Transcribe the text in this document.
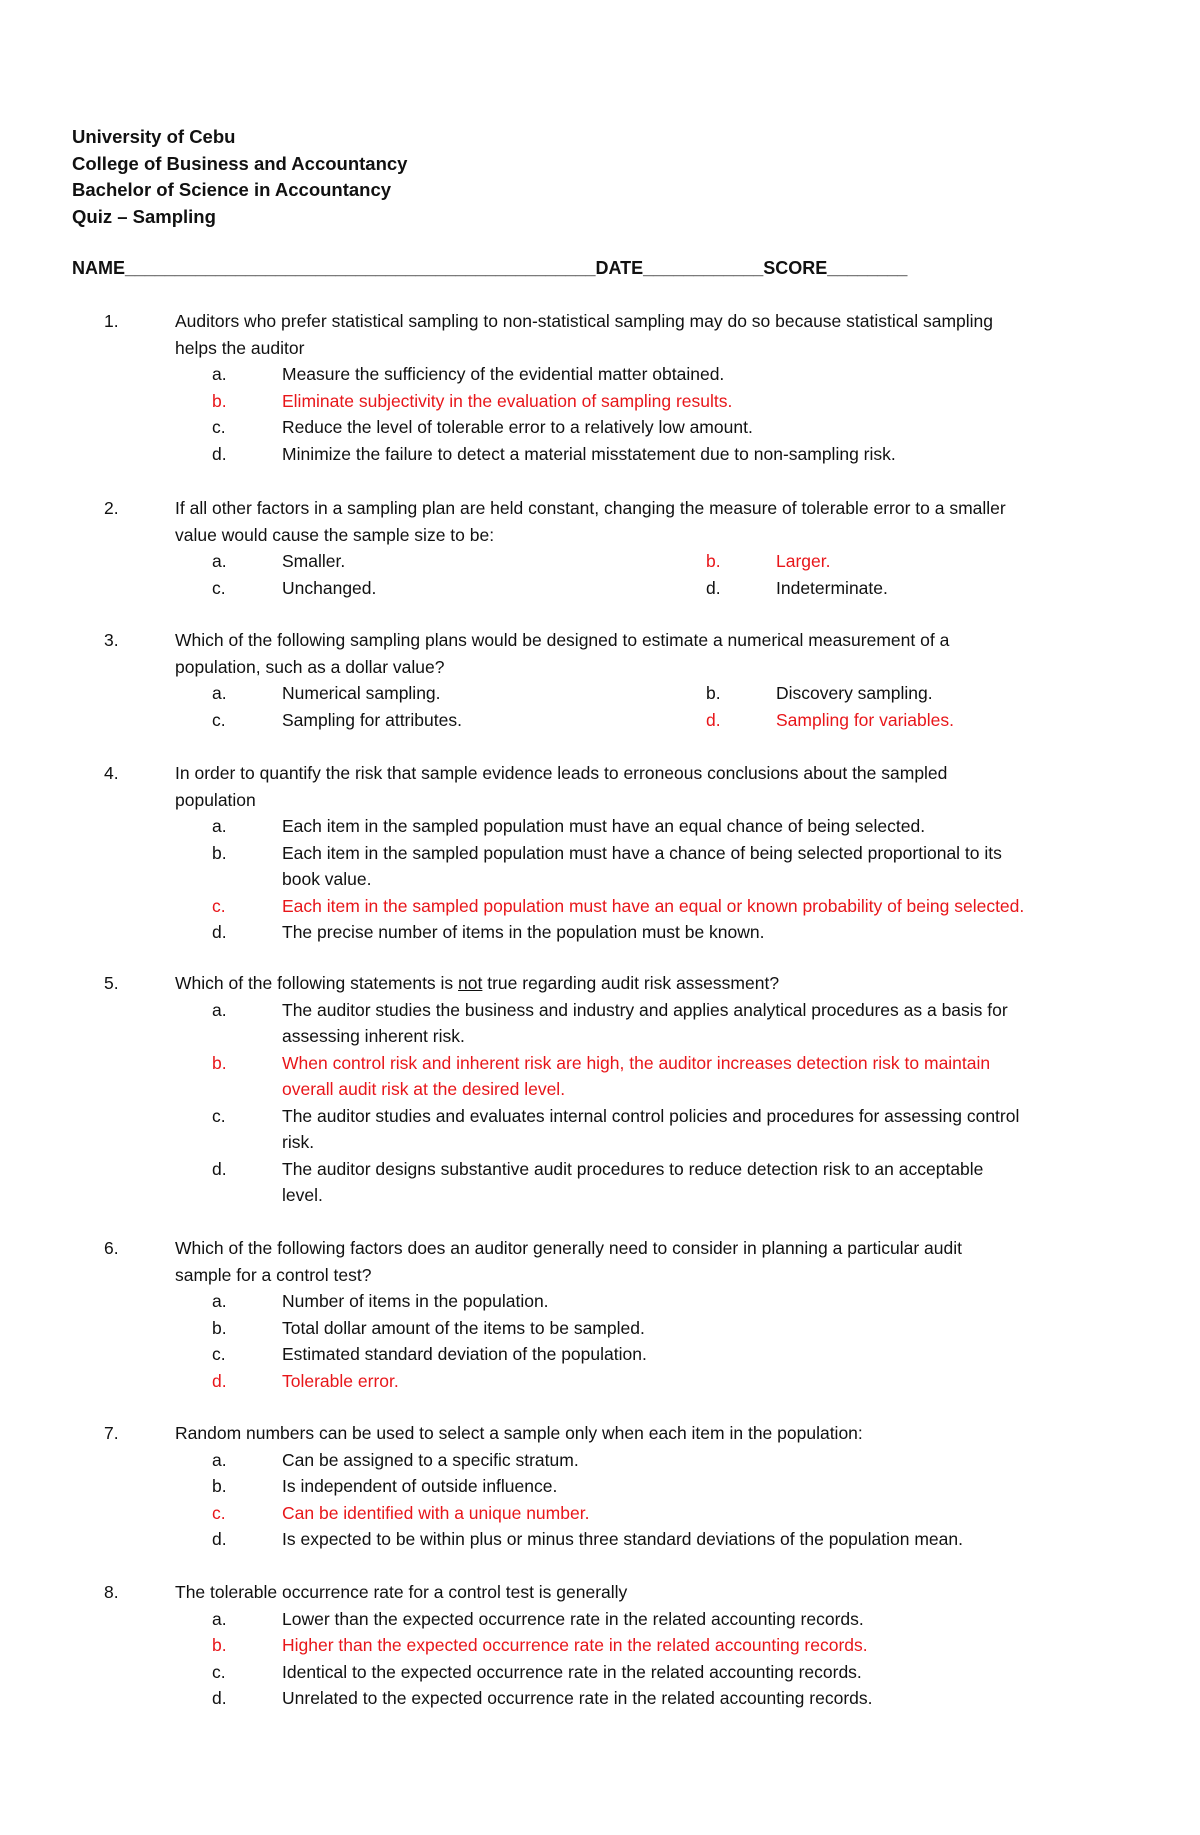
University of Cebu
College of Business and Accountancy
Bachelor of Science in Accountancy
Quiz – Sampling
NAME_______________________________________________DATE____________SCORE________
1.	Auditors who prefer statistical sampling to non-statistical sampling may do so because statistical sampling
helps the auditor
a.	Measure the sufficiency of the evidential matter obtained.
b.	Eliminate subjectivity in the evaluation of sampling results.
c.	Reduce the level of tolerable error to a relatively low amount.
d.	Minimize the failure to detect a material misstatement due to non-sampling risk.
2.	If all other factors in a sampling plan are held constant, changing the measure of tolerable error to a smaller
value would cause the sample size to be:
a.	Smaller.	b.	Larger.
c.	Unchanged.	d.	Indeterminate.
3.	Which of the following sampling plans would be designed to estimate a numerical measurement of a
population, such as a dollar value?
a.	Numerical sampling.	b.	Discovery sampling.
c.	Sampling for attributes.	d.	Sampling for variables.
4.	In order to quantify the risk that sample evidence leads to erroneous conclusions about the sampled
population
a.	Each item in the sampled population must have an equal chance of being selected.
b.	Each item in the sampled population must have a chance of being selected proportional to its
book value.
c.	Each item in the sampled population must have an equal or known probability of being selected.
d.	The precise number of items in the population must be known.
5.	Which of the following statements is not true regarding audit risk assessment?
a.	The auditor studies the business and industry and applies analytical procedures as a basis for
assessing inherent risk.
b.	When control risk and inherent risk are high, the auditor increases detection risk to maintain
overall audit risk at the desired level.
c.	The auditor studies and evaluates internal control policies and procedures for assessing control
risk.
d.	The auditor designs substantive audit procedures to reduce detection risk to an acceptable
level.
6.	Which of the following factors does an auditor generally need to consider in planning a particular audit
sample for a control test?
a.	Number of items in the population.
b.	Total dollar amount of the items to be sampled.
c.	Estimated standard deviation of the population.
d.	Tolerable error.
7.	Random numbers can be used to select a sample only when each item in the population:
a.	Can be assigned to a specific stratum.
b.	Is independent of outside influence.
c.	Can be identified with a unique number.
d.	Is expected to be within plus or minus three standard deviations of the population mean.
8.	The tolerable occurrence rate for a control test is generally
a.	Lower than the expected occurrence rate in the related accounting records.
b.	Higher than the expected occurrence rate in the related accounting records.
c.	Identical to the expected occurrence rate in the related accounting records.
d.	Unrelated to the expected occurrence rate in the related accounting records.
